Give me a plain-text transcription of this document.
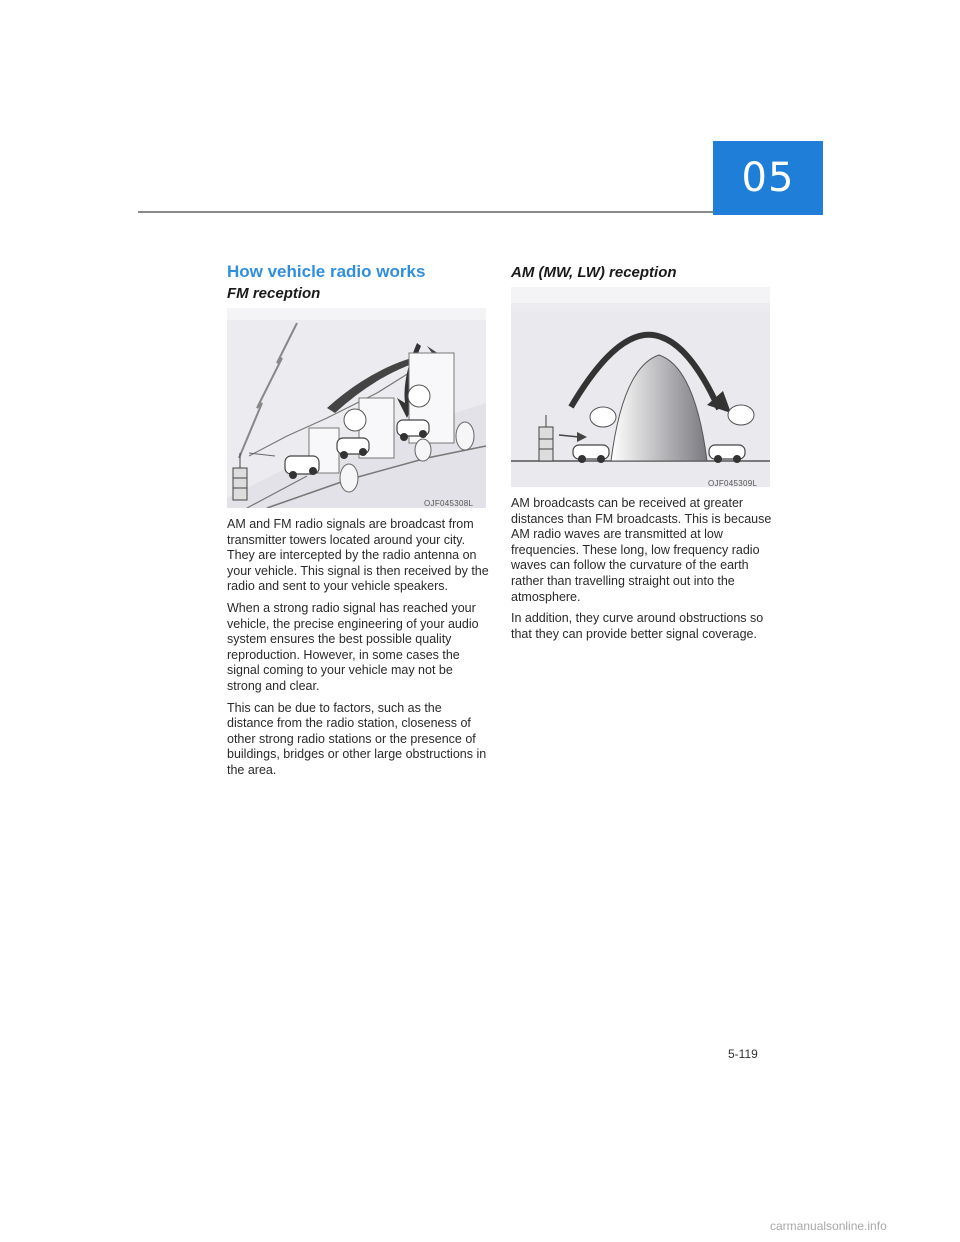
05
How vehicle radio works
FM reception
AM (MW, LW) reception
OJF045308L
OJF045309L

AM and FM radio signals are broadcast from transmitter towers located around your city. They are intercepted by the radio antenna on your vehicle. This signal is then received by the radio and sent to your vehicle speakers.

When a strong radio signal has reached your vehicle, the precise engineering of your audio system ensures the best possible quality reproduction. However, in some cases the signal coming to your vehicle may not be strong and clear.

This can be due to factors, such as the distance from the radio station, closeness of other strong radio stations or the presence of buildings, bridges or other large obstructions in the area.

AM broadcasts can be received at greater distances than FM broadcasts. This is because AM radio waves are transmitted at low frequencies. These long, low frequency radio waves can follow the curvature of the earth rather than travelling straight out into the atmosphere.

In addition, they curve around obstructions so that they can provide better signal coverage.

5-119
carmanualsonline.info
